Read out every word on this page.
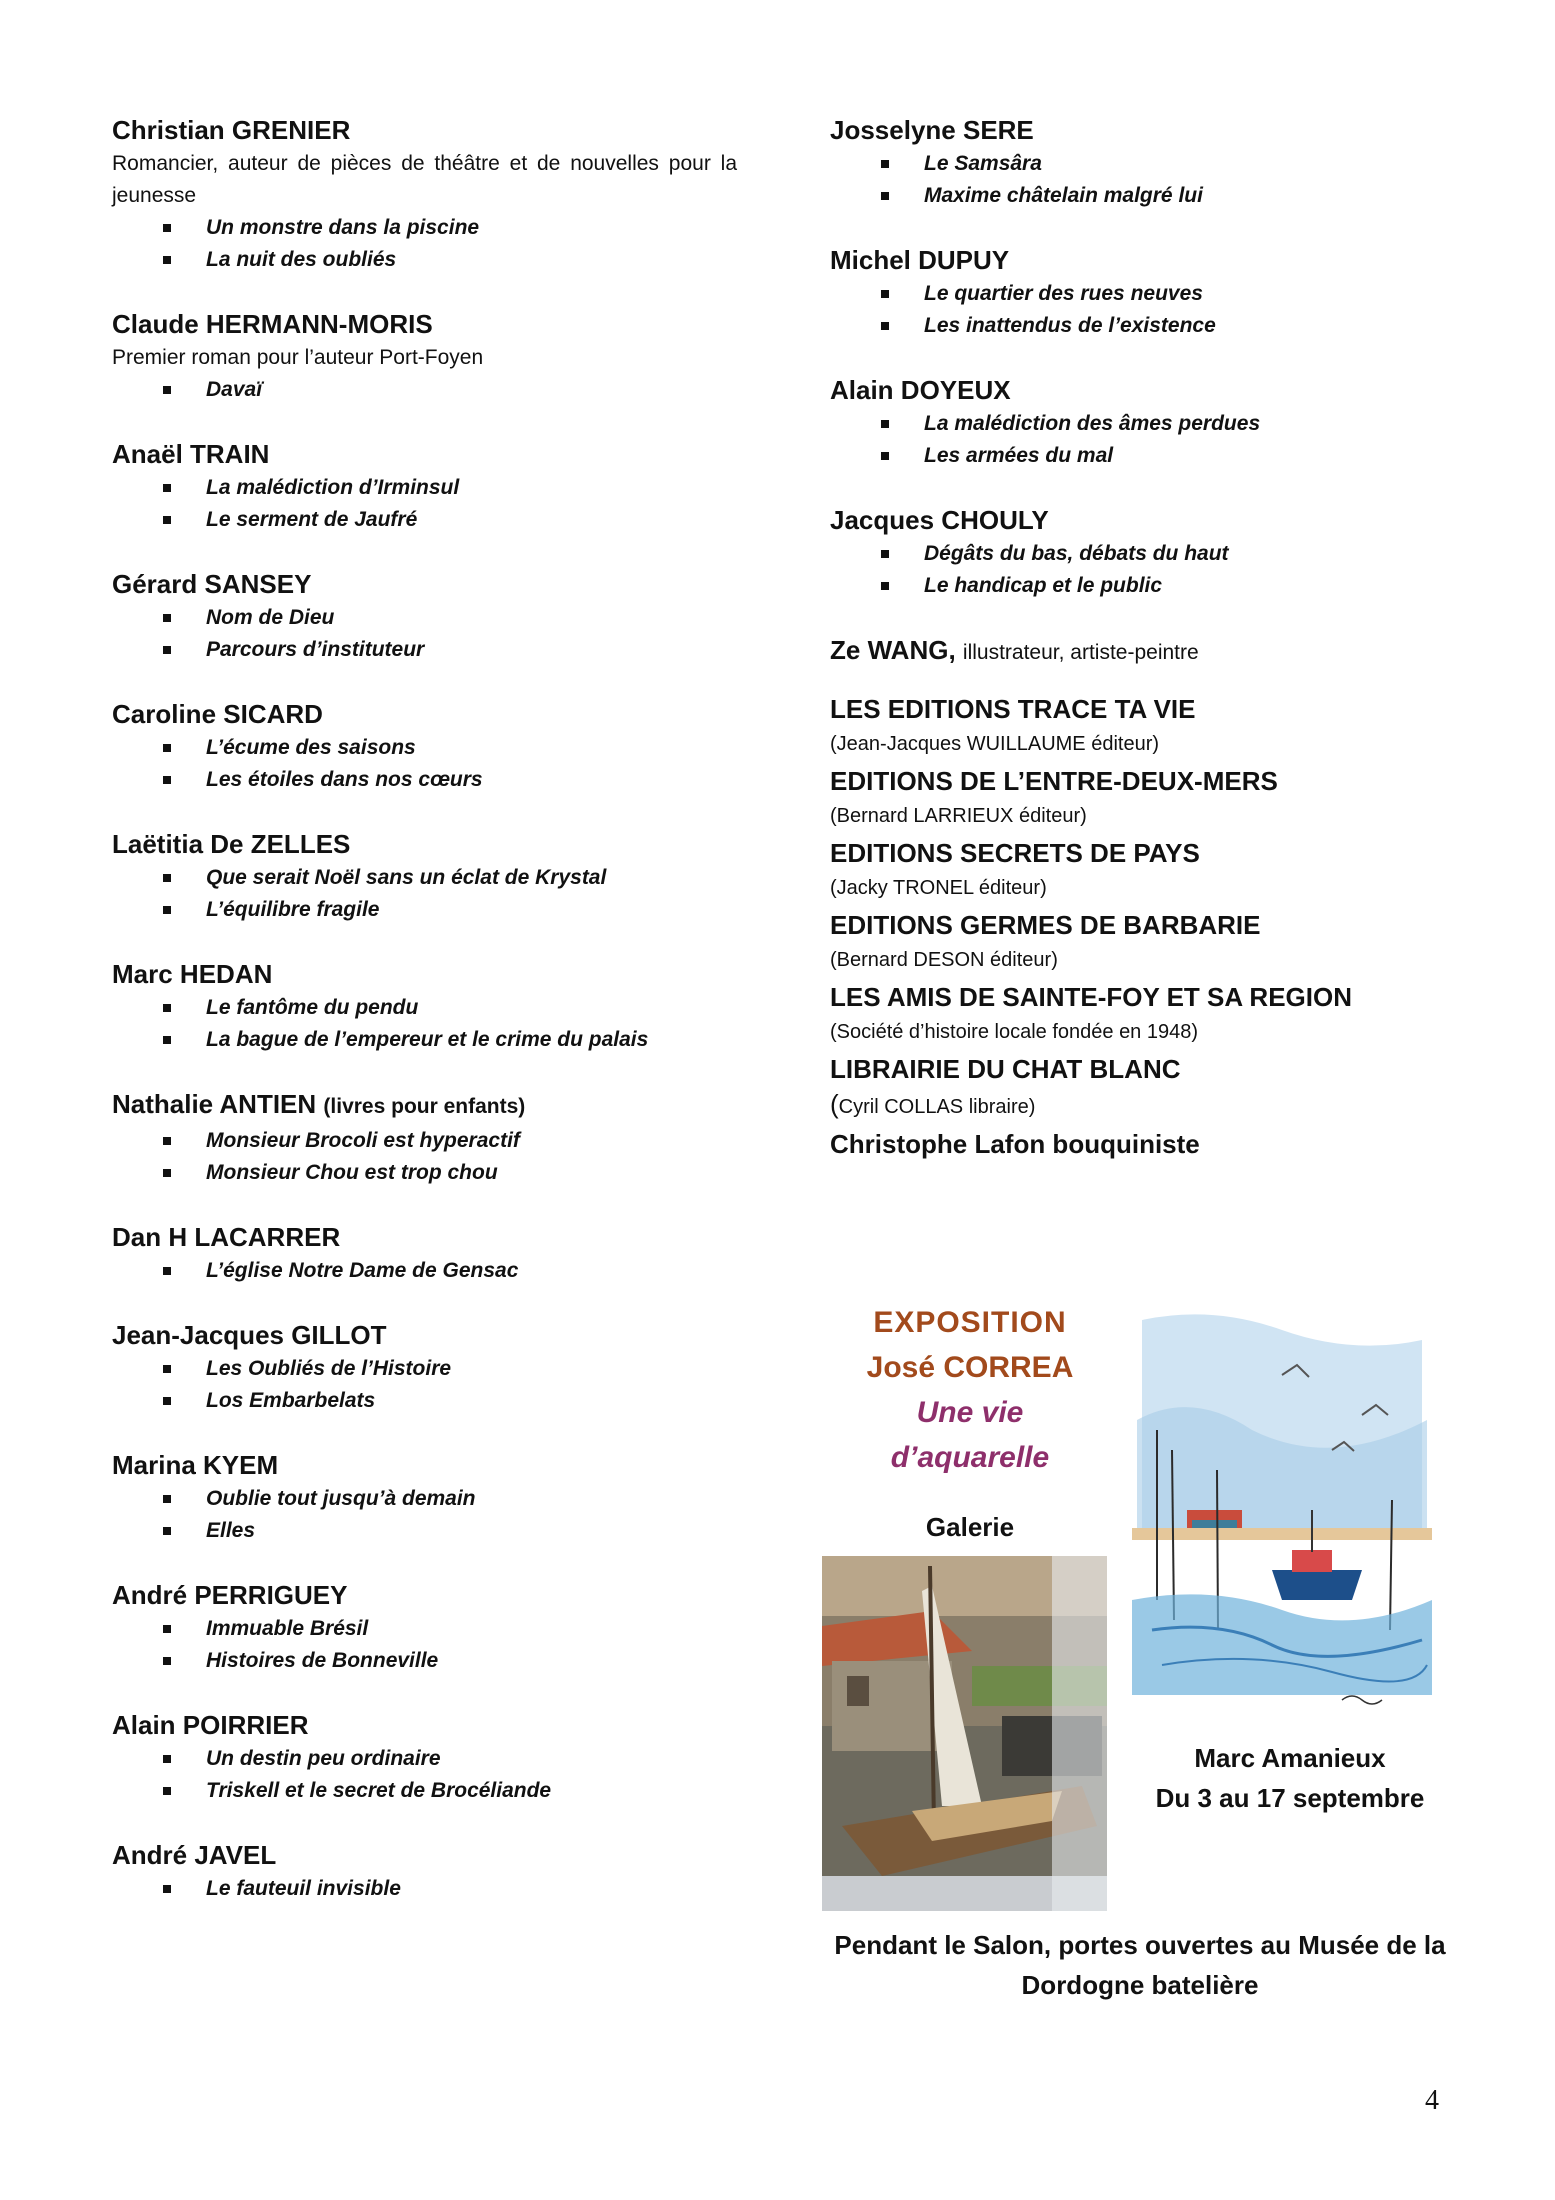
Christian GRENIER
Romancier, auteur de pièces de théâtre et de nouvelles pour la jeunesse
Un monstre dans la piscine
La nuit des oubliés
Claude HERMANN-MORIS
Premier roman pour l’auteur Port-Foyen
Davaï
Anaël TRAIN
La malédiction d’Irminsul
Le serment de Jaufré
Gérard SANSEY
Nom de Dieu
Parcours d’instituteur
Caroline SICARD
L’écume des saisons
Les étoiles dans nos cœurs
Laëtitia De ZELLES
Que serait Noël sans un éclat de Krystal
L’équilibre fragile
Marc HEDAN
Le fantôme du pendu
La bague de l’empereur et le crime du palais
Nathalie ANTIEN (livres pour enfants)
Monsieur Brocoli est hyperactif
Monsieur Chou est trop chou
Dan H LACARRER
L’église Notre Dame de Gensac
Jean-Jacques GILLOT
Les Oubliés de l’Histoire
Los Embarbelats
Marina KYEM
Oublie tout jusqu’à demain
Elles
André PERRIGUEY
Immuable Brésil
Histoires de Bonneville
Alain POIRRIER
Un destin peu ordinaire
Triskell et le secret de Brocéliande
André JAVEL
Le fauteuil invisible
Josselyne SERE
Le Samsâra
Maxime châtelain malgré lui
Michel DUPUY
Le quartier des rues neuves
Les inattendus de l’existence
Alain DOYEUX
La malédiction des âmes perdues
Les armées du mal
Jacques CHOULY
Dégâts du bas, débats du haut
Le handicap et le public
Ze WANG, illustrateur, artiste-peintre
LES EDITIONS TRACE TA VIE
(Jean-Jacques WUILLAUME éditeur)
EDITIONS DE L’ENTRE-DEUX-MERS
(Bernard LARRIEUX éditeur)
EDITIONS SECRETS DE PAYS
(Jacky TRONEL éditeur)
EDITIONS GERMES DE BARBARIE
(Bernard DESON éditeur)
LES AMIS DE SAINTE-FOY ET SA REGION
(Société d’histoire locale fondée en 1948)
LIBRAIRIE DU CHAT BLANC
(Cyril COLLAS libraire)
Christophe Lafon bouquiniste
EXPOSITION
José CORREA
Une vie
d’aquarelle
Galerie
Marc Amanieux
Du 3 au 17 septembre
Pendant le Salon, portes ouvertes au Musée de la Dordogne batelière
4
